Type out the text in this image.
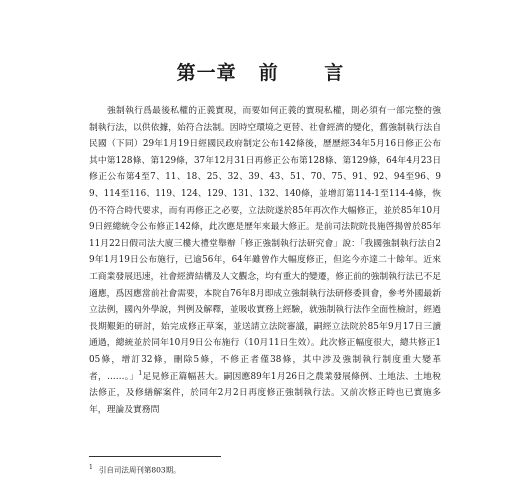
第一章 前 言

強制執行爲最後私權的正義實現，而要如何正義的實現私權，則必須有一部完整的強制執行法，以供依據，始符合法制。因時空環境之更替、社會經濟的變化，舊強制執行法自民國（下同）29年1月19日經國民政府制定公布142條後，歷歷經34年5月16日修正公布其中第128條、第129條，37年12月31日再修正公布第128條、第129條，64年4月23日修正公布第4至7、11、18、25、32、39、43、51、70、75、91、92、94至96、99、114至116、119、124、129、131、132、140條，並增訂第114-1至114-4條，恢仍不符合時代要求，而有再修正之必要，立法院遂於85年再次作大幅修正，並於85年10月9日經總統令公布修正142條，此次應是歷年來最大修正。是前司法院院長施啓揚曾於85年11月22日假司法大廈三樓大禮堂舉辦「修正強制執行法研究會」說：「我國強制執行法自29年1月19日公布施行，已逾56年，64年雖曾作大幅度修正，但迄今亦達二十餘年。近來工商業發展迅速，社會經濟結構及人文觀念，均有重大的變遷，修正前的強制執行法已不足適應，爲因應當前社會需要，本院自76年8月即成立強制執行法研修委員會，參考外國最新立法例，國內外學說，判例及解釋，並吸收實務上經驗，就強制執行法作全面性檢討，經過長期艱鉅的研討，始完成修正草案，並送請立法院審議，嗣經立法院於85年9月17日三讀通過，總統並於同年10月9日公布施行（10月11日生效）。此次修正幅度很大，總共修正105條，增訂32條，刪除5條，不修正者僅38條，其中涉及強制執行制度重大變革者，……。」$^1$足見修正篇幅甚大。嗣因應89年1月26日之農業發展條例、土地法、土地稅法修正，及修繕解案件，於同年2月2日再度修正強制執行法。又前次修正時也已實施多年，理論及實務問

$^1$ 引自司法周刊第803期。
